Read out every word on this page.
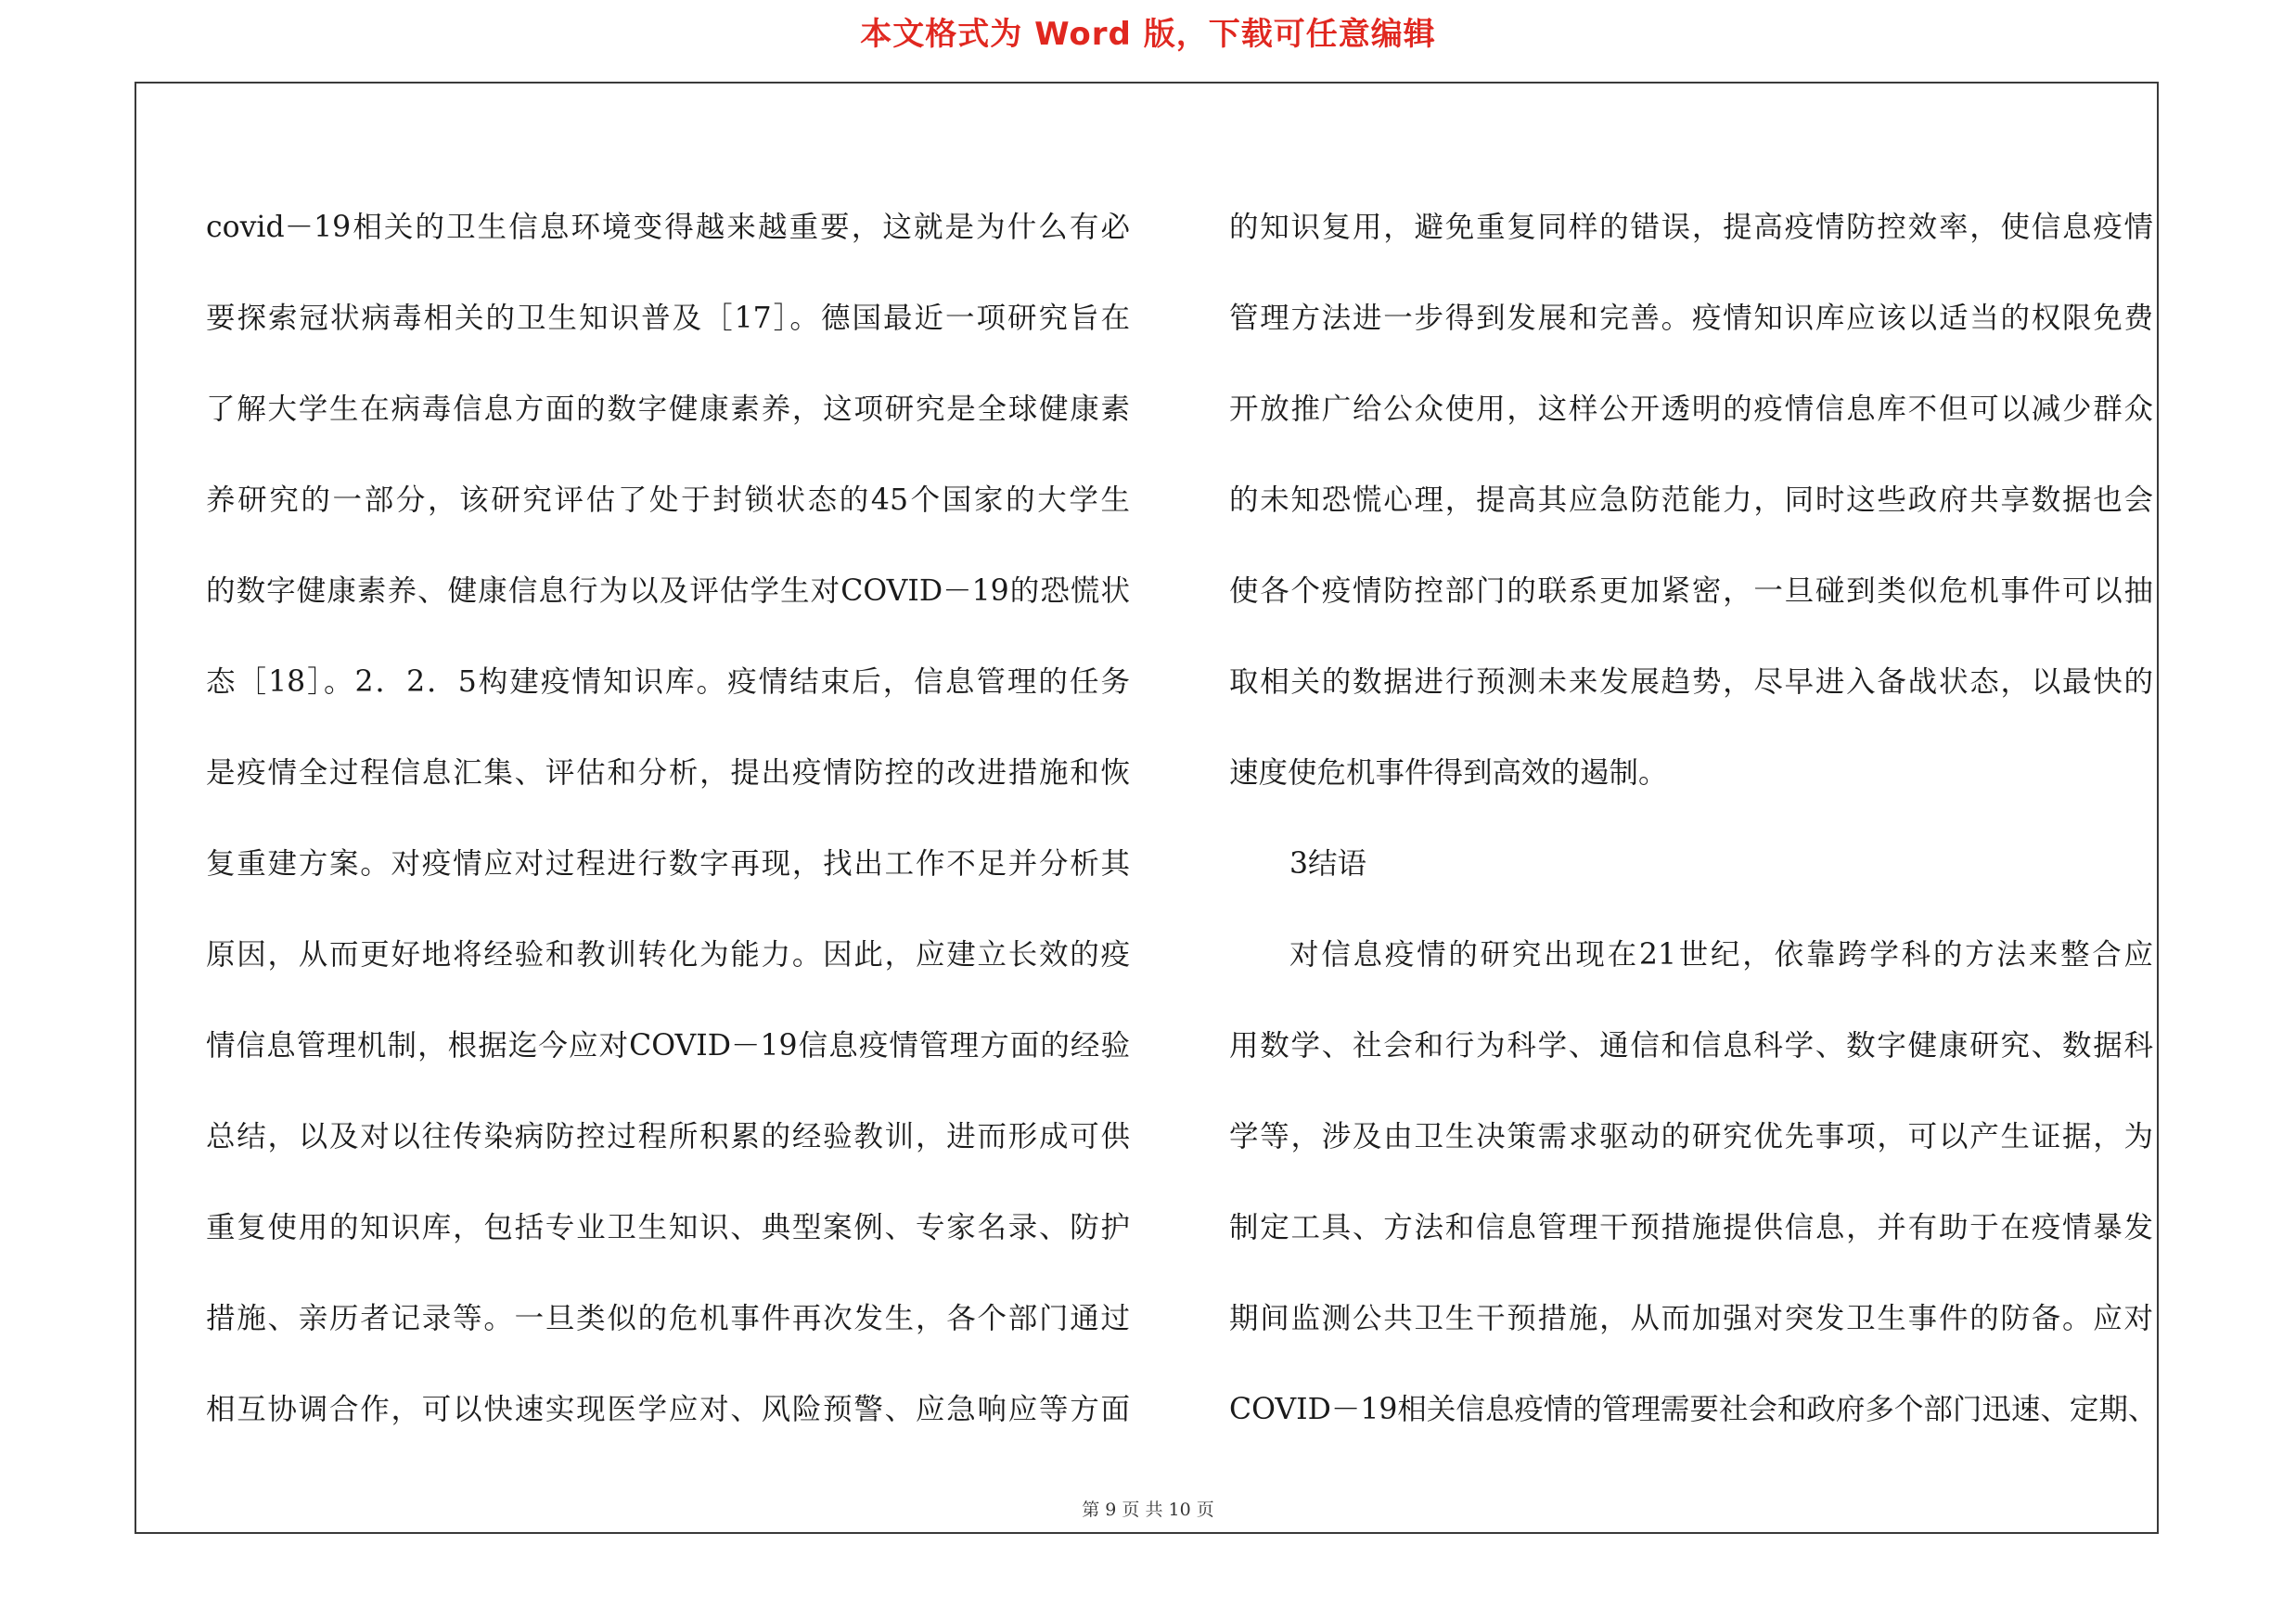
本文格式为 Word 版，下载可任意编辑
covid－19相关的卫生信息环境变得越来越重要，这就是为什么有必
要探索冠状病毒相关的卫生知识普及［17］。德国最近一项研究旨在
了解大学生在病毒信息方面的数字健康素养，这项研究是全球健康素
养研究的一部分，该研究评估了处于封锁状态的45个国家的大学生
的数字健康素养、健康信息行为以及评估学生对COVID－19的恐慌状
态［18］。2．2．5构建疫情知识库。疫情结束后，信息管理的任务
是疫情全过程信息汇集、评估和分析，提出疫情防控的改进措施和恢
复重建方案。对疫情应对过程进行数字再现，找出工作不足并分析其
原因，从而更好地将经验和教训转化为能力。因此，应建立长效的疫
情信息管理机制，根据迄今应对COVID－19信息疫情管理方面的经验
总结，以及对以往传染病防控过程所积累的经验教训，进而形成可供
重复使用的知识库，包括专业卫生知识、典型案例、专家名录、防护
措施、亲历者记录等。一旦类似的危机事件再次发生，各个部门通过
相互协调合作，可以快速实现医学应对、风险预警、应急响应等方面
的知识复用，避免重复同样的错误，提高疫情防控效率，使信息疫情
管理方法进一步得到发展和完善。疫情知识库应该以适当的权限免费
开放推广给公众使用，这样公开透明的疫情信息库不但可以减少群众
的未知恐慌心理，提高其应急防范能力，同时这些政府共享数据也会
使各个疫情防控部门的联系更加紧密，一旦碰到类似危机事件可以抽
取相关的数据进行预测未来发展趋势，尽早进入备战状态，以最快的
速度使危机事件得到高效的遏制。
3结语
对信息疫情的研究出现在21世纪，依靠跨学科的方法来整合应
用数学、社会和行为科学、通信和信息科学、数字健康研究、数据科
学等，涉及由卫生决策需求驱动的研究优先事项，可以产生证据，为
制定工具、方法和信息管理干预措施提供信息，并有助于在疫情暴发
期间监测公共卫生干预措施，从而加强对突发卫生事件的防备。应对
COVID－19相关信息疫情的管理需要社会和政府多个部门迅速、定期、
第 9 页 共 10 页
